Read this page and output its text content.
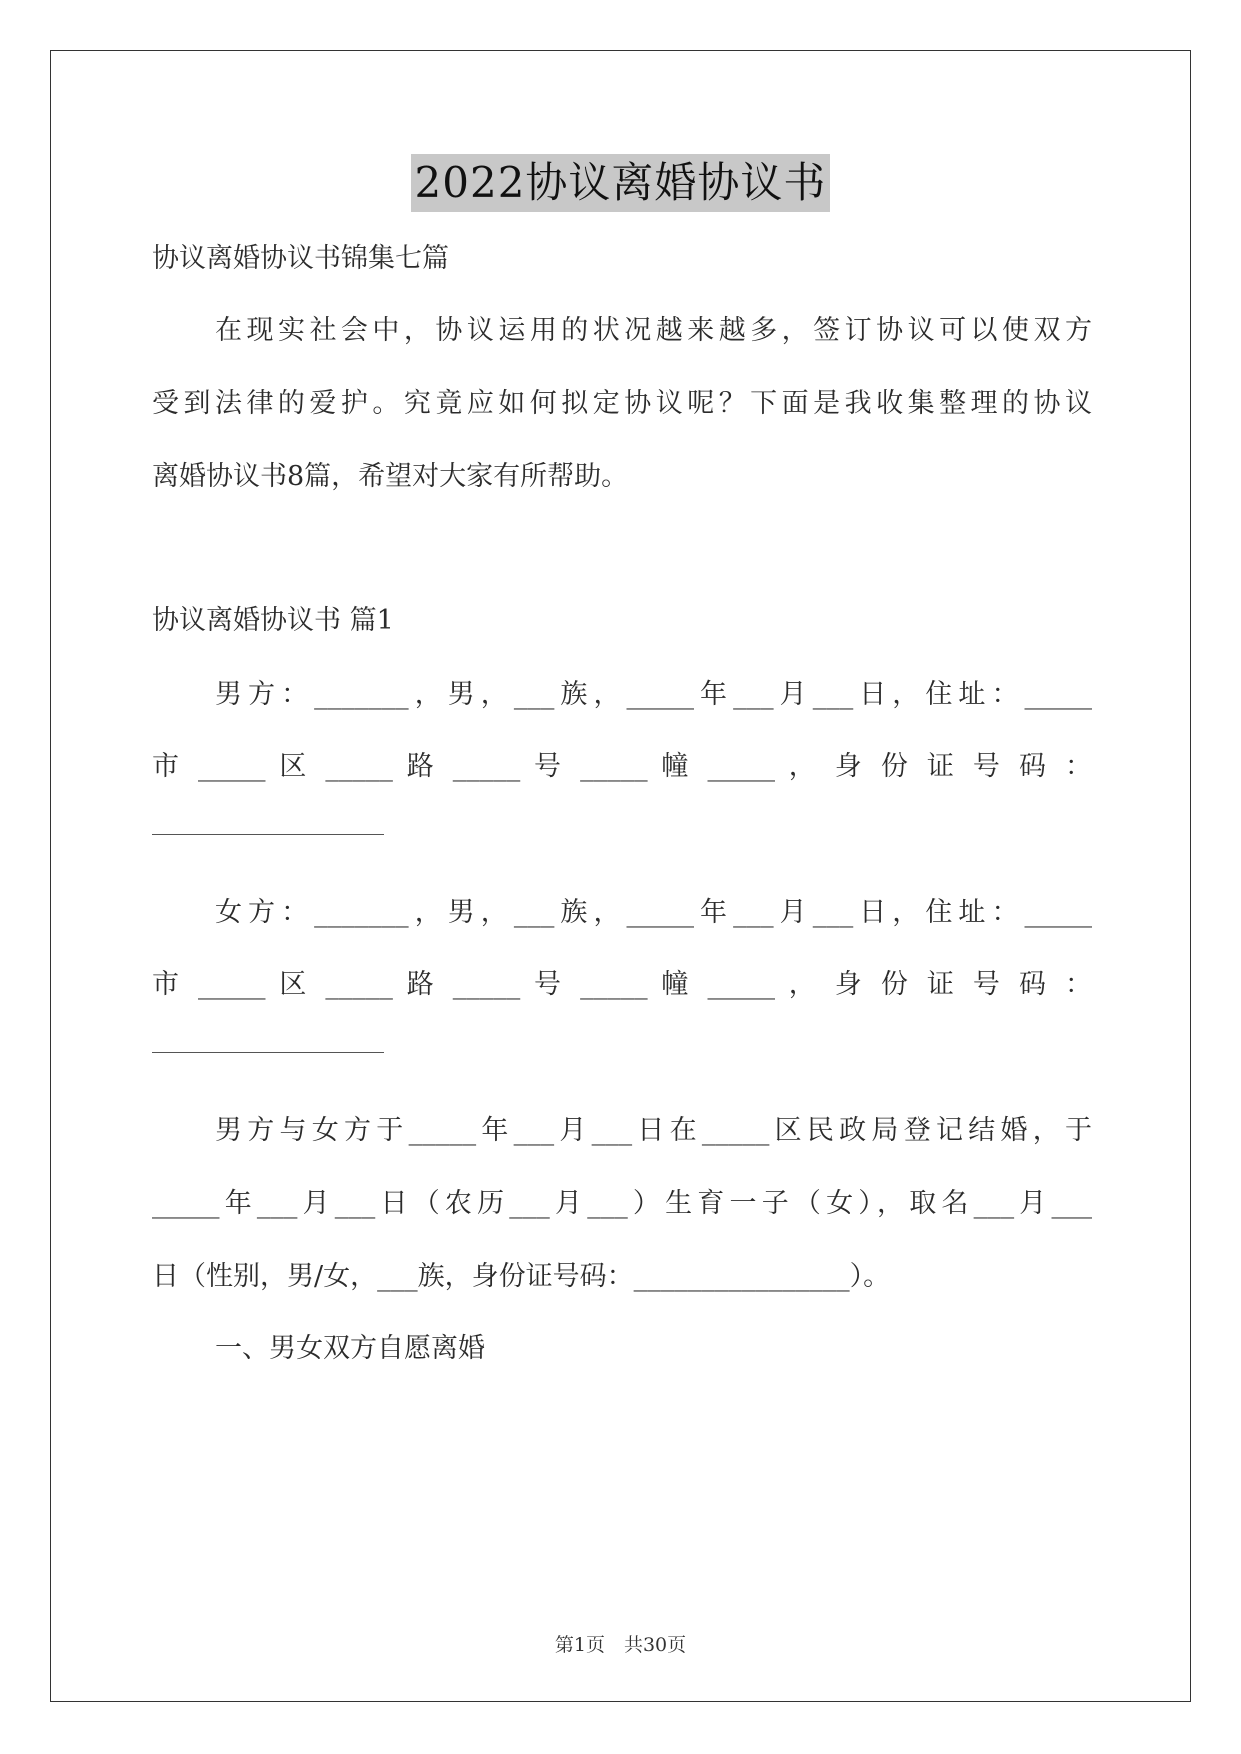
2022协议离婚协议书
协议离婚协议书锦集七篇
在现实社会中，协议运用的状况越来越多，签订协议可以使双方
受到法律的爱护。究竟应如何拟定协议呢？下面是我收集整理的协议
离婚协议书8篇，希望对大家有所帮助。
协议离婚协议书 篇1
男方：_______，男，___族，_____年___月___日，住址：_____
市 _____ 区 _____ 路 _____ 号 _____ 幢 _____ ， 身 份 证 号 码 ：
女方：_______，男，___族，_____年___月___日，住址：_____
市 _____ 区 _____ 路 _____ 号 _____ 幢 _____ ， 身 份 证 号 码 ：
男方与女方于_____年___月___日在_____区民政局登记结婚，于
_____年___月___日（农历___月___）生育一子（女），取名___月___
日（性别，男/女，___族，身份证号码：________________）。
一、男女双方自愿离婚
第1页　共30页
